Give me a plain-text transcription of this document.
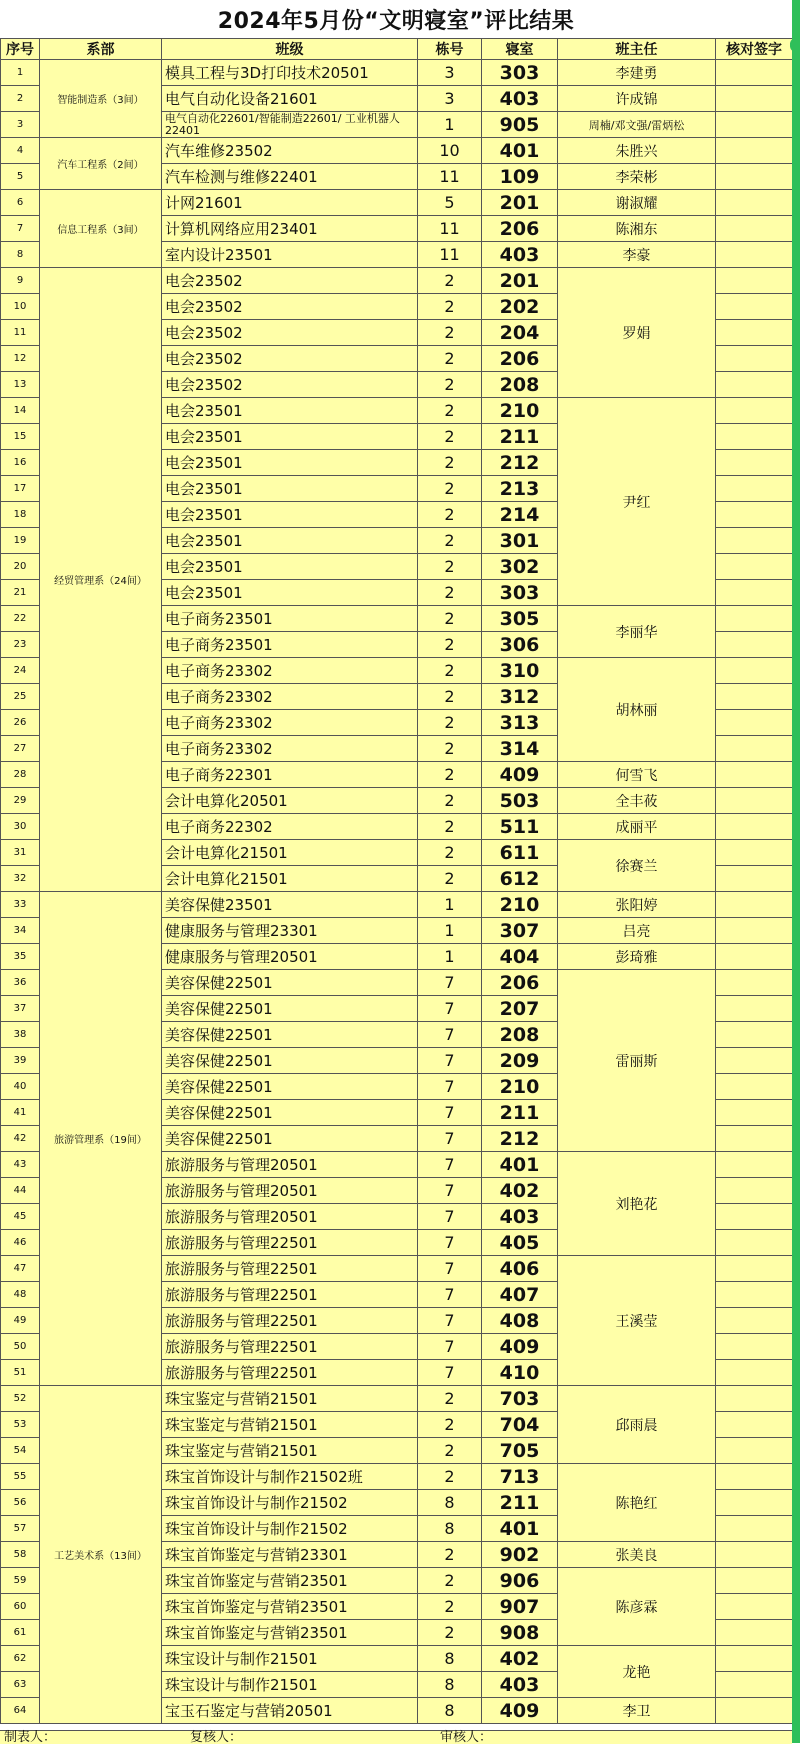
2024年5月份“文明寝室”评比结果
序号	系部	班级	栋号	寝室	班主任	核对签字
1	智能制造系（3间）	模具工程与3D打印技术20501	3	303	李建勇	
2		电气自动化设备21601	3	403	许成锦	
3		电气自动化22601/智能制造22601/ 工业机器人22401	1	905	周楠/邓文强/雷炳松	
4	汽车工程系（2间）	汽车维修23502	10	401	朱胜兴	
5		汽车检测与维修22401	11	109	李荣彬	
6	信息工程系（3间）	计网21601	5	201	谢淑耀	
7		计算机网络应用23401	11	206	陈湘东	
8		室内设计23501	11	403	李豪	
9	经贸管理系（24间）	电会23502	2	201	罗娟	
10		电会23502	2	202		
11		电会23502	2	204		
12		电会23502	2	206		
13		电会23502	2	208		
14		电会23501	2	210	尹红	
15		电会23501	2	211		
16		电会23501	2	212		
17		电会23501	2	213		
18		电会23501	2	214		
19		电会23501	2	301		
20		电会23501	2	302		
21		电会23501	2	303		
22		电子商务23501	2	305	李丽华	
23		电子商务23501	2	306		
24		电子商务23302	2	310	胡林丽	
25		电子商务23302	2	312		
26		电子商务23302	2	313		
27		电子商务23302	2	314		
28		电子商务22301	2	409	何雪飞	
29		会计电算化20501	2	503	全丰莜	
30		电子商务22302	2	511	成丽平	
31		会计电算化21501	2	611	徐赛兰	
32		会计电算化21501	2	612		
33	旅游管理系（19间）	美容保健23501	1	210	张阳婷	
34		健康服务与管理23301	1	307	吕亮	
35		健康服务与管理20501	1	404	彭琦雅	
36		美容保健22501	7	206	雷丽斯	
37		美容保健22501	7	207		
38		美容保健22501	7	208		
39		美容保健22501	7	209		
40		美容保健22501	7	210		
41		美容保健22501	7	211		
42		美容保健22501	7	212		
43		旅游服务与管理20501	7	401	刘艳花	
44		旅游服务与管理20501	7	402		
45		旅游服务与管理20501	7	403		
46		旅游服务与管理22501	7	405		
47		旅游服务与管理22501	7	406	王溪莹	
48		旅游服务与管理22501	7	407		
49		旅游服务与管理22501	7	408		
50		旅游服务与管理22501	7	409		
51		旅游服务与管理22501	7	410		
52	工艺美术系（13间）	珠宝鉴定与营销21501	2	703	邱雨晨	
53		珠宝鉴定与营销21501	2	704		
54		珠宝鉴定与营销21501	2	705		
55		珠宝首饰设计与制作21502班	2	713	陈艳红	
56		珠宝首饰设计与制作21502	8	211		
57		珠宝首饰设计与制作21502	8	401		
58		珠宝首饰鉴定与营销23301	2	902	张美良	
59		珠宝首饰鉴定与营销23501	2	906	陈彦霖	
60		珠宝首饰鉴定与营销23501	2	907		
61		珠宝首饰鉴定与营销23501	2	908		
62		珠宝设计与制作21501	8	402	龙艳	
63		珠宝设计与制作21501	8	403		
64		宝玉石鉴定与营销20501	8	409	李卫	
制表人：	复核人：	审核人：
